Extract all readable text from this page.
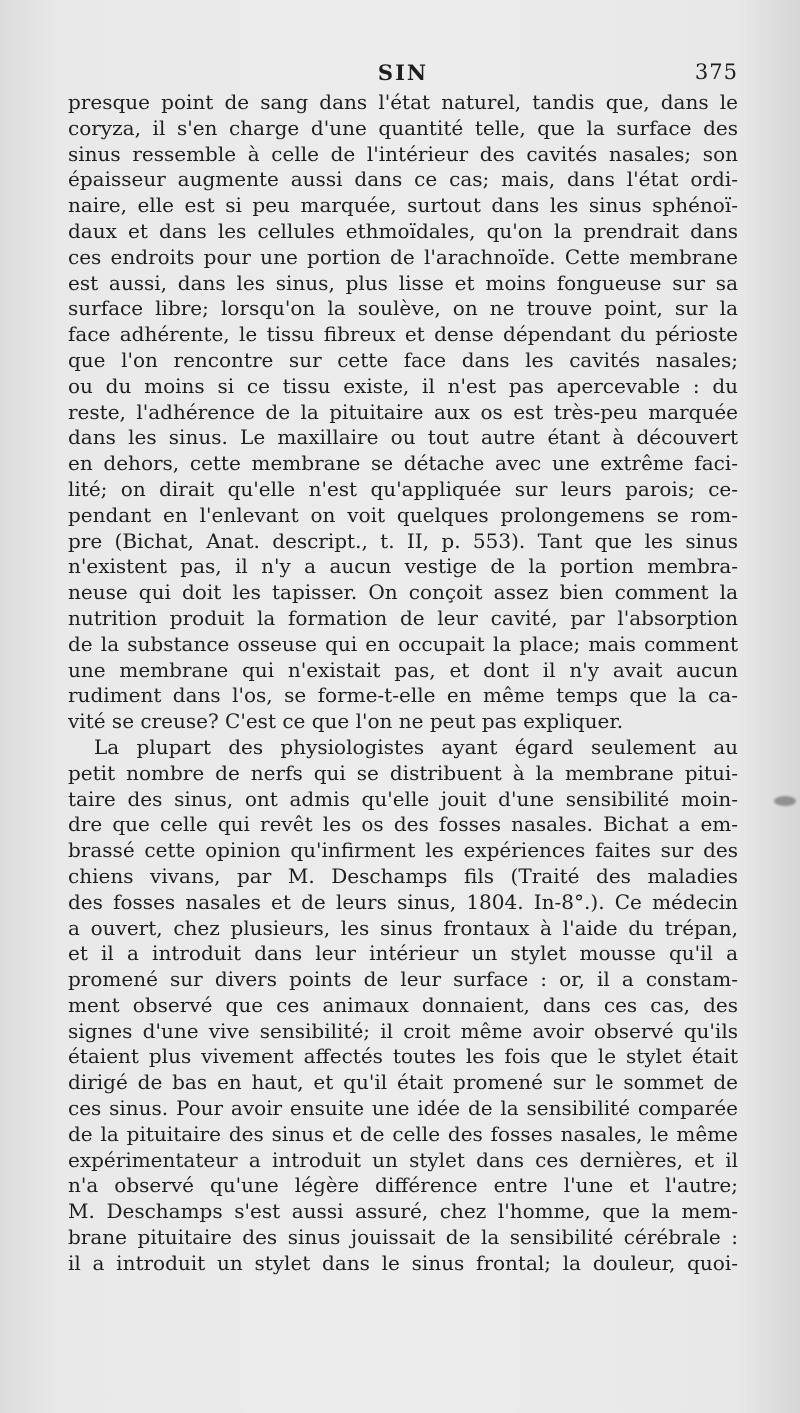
SIN	375
presque point de sang dans l'état naturel, tandis que, dans le
coryza, il s'en charge d'une quantité telle, que la surface des
sinus ressemble à celle de l'intérieur des cavités nasales; son
épaisseur augmente aussi dans ce cas; mais, dans l'état ordi-
naire, elle est si peu marquée, surtout dans les sinus sphénoï-
daux et dans les cellules ethmoïdales, qu'on la prendrait dans
ces endroits pour une portion de l'arachnoïde. Cette membrane
est aussi, dans les sinus, plus lisse et moins fongueuse sur sa
surface libre; lorsqu'on la soulève, on ne trouve point, sur la
face adhérente, le tissu fibreux et dense dépendant du périoste
que l'on rencontre sur cette face dans les cavités nasales;
ou du moins si ce tissu existe, il n'est pas apercevable : du
reste, l'adhérence de la pituitaire aux os est très-peu marquée
dans les sinus. Le maxillaire ou tout autre étant à découvert
en dehors, cette membrane se détache avec une extrême faci-
lité; on dirait qu'elle n'est qu'appliquée sur leurs parois; ce-
pendant en l'enlevant on voit quelques prolongemens se rom-
pre (Bichat, Anat. descript., t. II, p. 553). Tant que les sinus
n'existent pas, il n'y a aucun vestige de la portion membra-
neuse qui doit les tapisser. On conçoit assez bien comment la
nutrition produit la formation de leur cavité, par l'absorption
de la substance osseuse qui en occupait la place; mais comment
une membrane qui n'existait pas, et dont il n'y avait aucun
rudiment dans l'os, se forme-t-elle en même temps que la ca-
vité se creuse? C'est ce que l'on ne peut pas expliquer.
La plupart des physiologistes ayant égard seulement au
petit nombre de nerfs qui se distribuent à la membrane pitui-
taire des sinus, ont admis qu'elle jouit d'une sensibilité moin-
dre que celle qui revêt les os des fosses nasales. Bichat a em-
brassé cette opinion qu'infirment les expériences faites sur des
chiens vivans, par M. Deschamps fils (Traité des maladies
des fosses nasales et de leurs sinus, 1804. In-8°.). Ce médecin
a ouvert, chez plusieurs, les sinus frontaux à l'aide du trépan,
et il a introduit dans leur intérieur un stylet mousse qu'il a
promené sur divers points de leur surface : or, il a constam-
ment observé que ces animaux donnaient, dans ces cas, des
signes d'une vive sensibilité; il croit même avoir observé qu'ils
étaient plus vivement affectés toutes les fois que le stylet était
dirigé de bas en haut, et qu'il était promené sur le sommet de
ces sinus. Pour avoir ensuite une idée de la sensibilité comparée
de la pituitaire des sinus et de celle des fosses nasales, le même
expérimentateur a introduit un stylet dans ces dernières, et il
n'a observé qu'une légère différence entre l'une et l'autre;
M. Deschamps s'est aussi assuré, chez l'homme, que la mem-
brane pituitaire des sinus jouissait de la sensibilité cérébrale :
il a introduit un stylet dans le sinus frontal; la douleur, quoi-
